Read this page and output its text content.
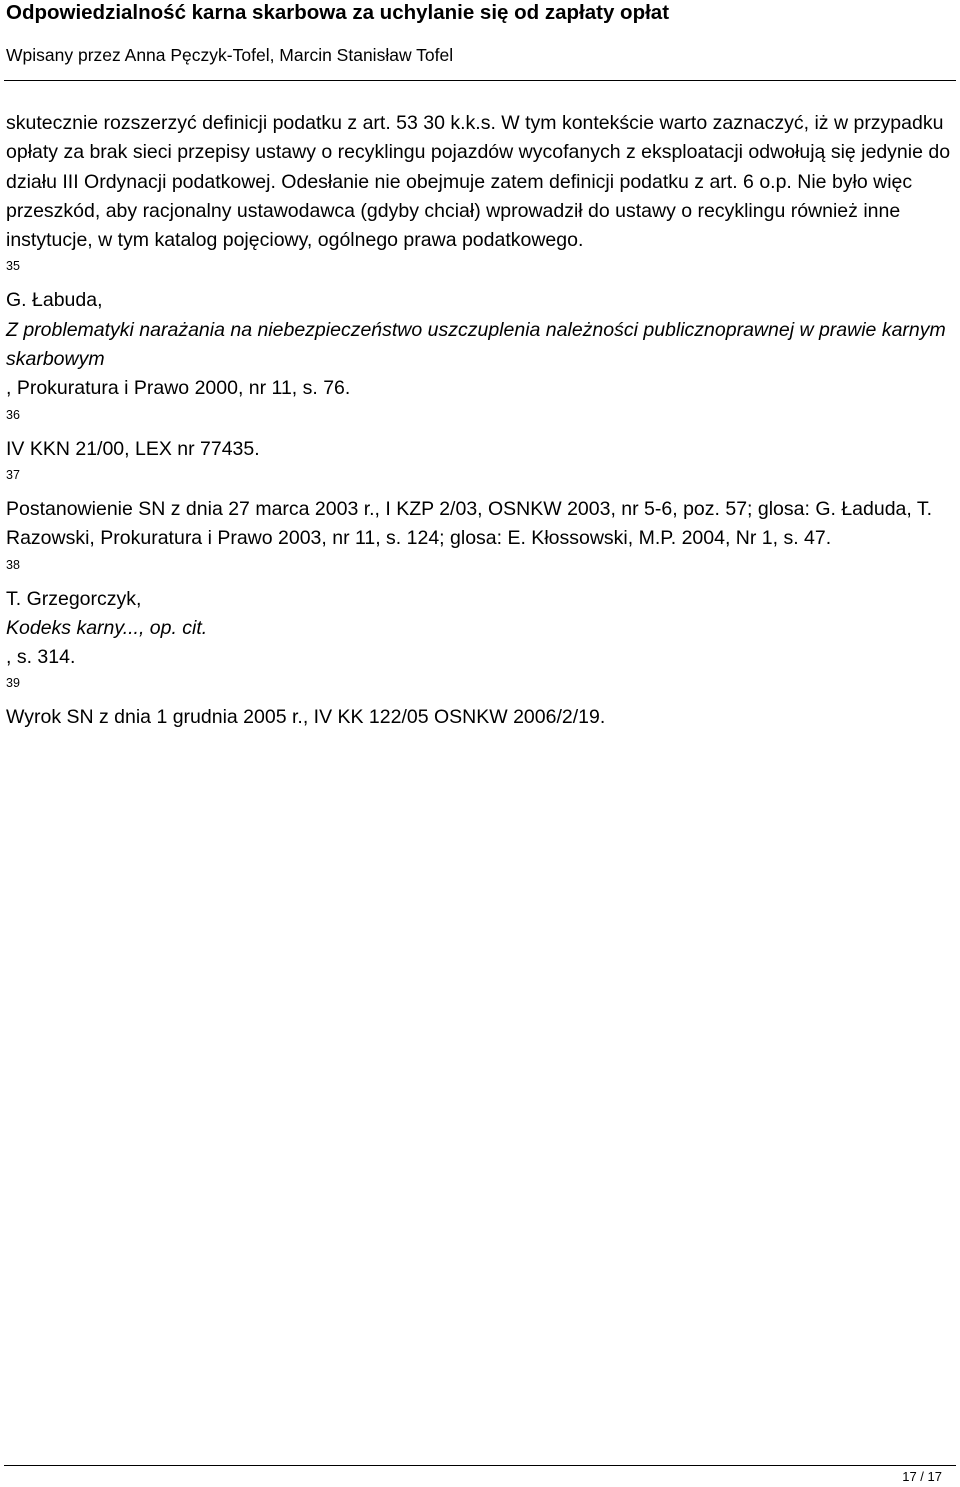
Odpowiedzialność karna skarbowa za uchylanie się od zapłaty opłat
Wpisany przez Anna Pęczyk-Tofel, Marcin Stanisław Tofel

skutecznie rozszerzyć definicji podatku z art. 53 30 k.k.s. W tym kontekście warto zaznaczyć, iż w przypadku opłaty za brak sieci przepisy ustawy o recyklingu pojazdów wycofanych z eksploatacji odwołują się jedynie do działu III Ordynacji podatkowej. Odesłanie nie obejmuje zatem definicji podatku z art. 6 o.p. Nie było więc przeszkód, aby racjonalny ustawodawca (gdyby chciał) wprowadził do ustawy o recyklingu również inne instytucje, w tym katalog pojęciowy, ogólnego prawa podatkowego.

35
G. Łabuda,
Z problematyki narażania na niebezpieczeństwo uszczuplenia należności publicznoprawnej w prawie karnym skarbowym
, Prokuratura i Prawo 2000, nr 11, s. 76.
36
IV KKN 21/00, LEX nr 77435.
37
Postanowienie SN z dnia 27 marca 2003 r., I KZP 2/03, OSNKW 2003, nr 5-6, poz. 57; glosa: G. Ładuda, T. Razowski, Prokuratura i Prawo 2003, nr 11, s. 124; glosa: E. Kłossowski, M.P. 2004, Nr 1, s. 47.
38
T. Grzegorczyk,
Kodeks karny..., op. cit.
, s. 314.
39
Wyrok SN z dnia 1 grudnia 2005 r., IV KK 122/05 OSNKW 2006/2/19.
17 / 17
